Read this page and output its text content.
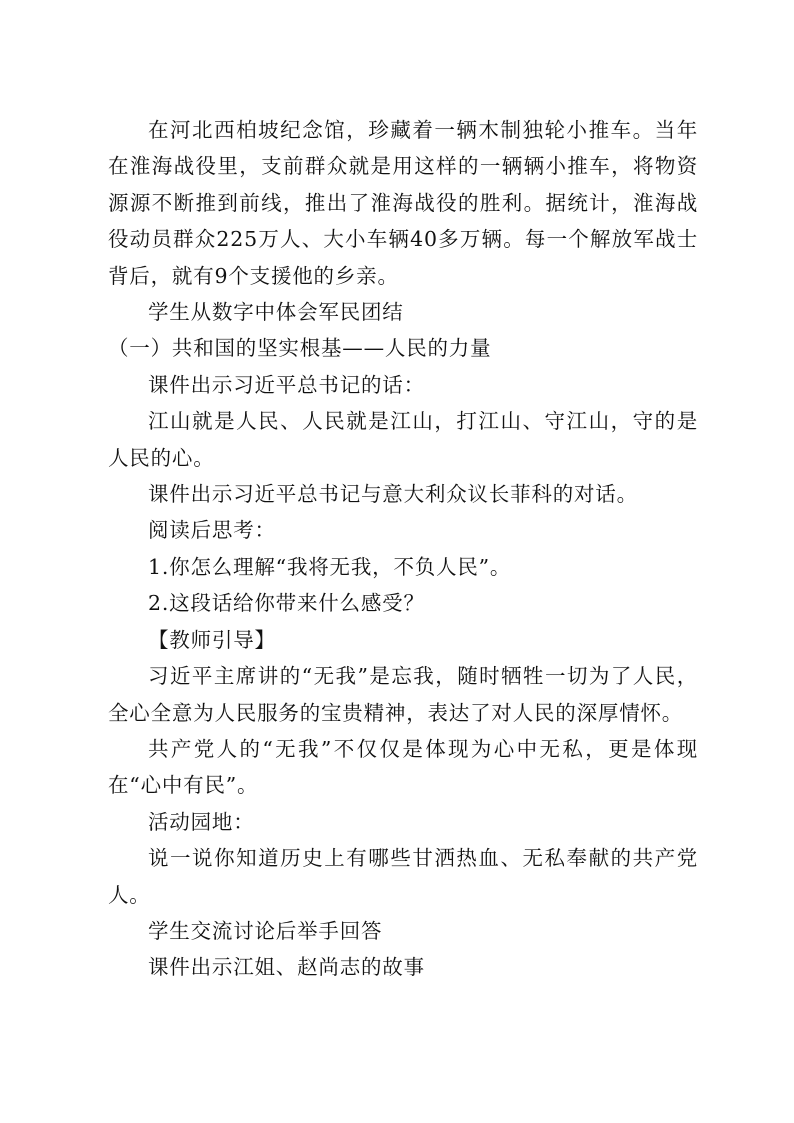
在河北西柏坡纪念馆，珍藏着一辆木制独轮小推车。当年在淮海战役里，支前群众就是用这样的一辆辆小推车，将物资源源不断推到前线，推出了淮海战役的胜利。据统计，淮海战役动员群众225万人、大小车辆40多万辆。每一个解放军战士背后，就有9个支援他的乡亲。

学生从数字中体会军民团结

（一）共和国的坚实根基——人民的力量

课件出示习近平总书记的话：

江山就是人民、人民就是江山，打江山、守江山，守的是人民的心。

课件出示习近平总书记与意大利众议长菲科的对话。

阅读后思考：

1.你怎么理解“我将无我，不负人民”。

2.这段话给你带来什么感受？

【教师引导】

习近平主席讲的“无我”是忘我，随时牺牲一切为了人民，全心全意为人民服务的宝贵精神，表达了对人民的深厚情怀。

共产党人的“无我”不仅仅是体现为心中无私，更是体现在“心中有民”。

活动园地：

说一说你知道历史上有哪些甘洒热血、无私奉献的共产党人。

学生交流讨论后举手回答

课件出示江姐、赵尚志的故事
